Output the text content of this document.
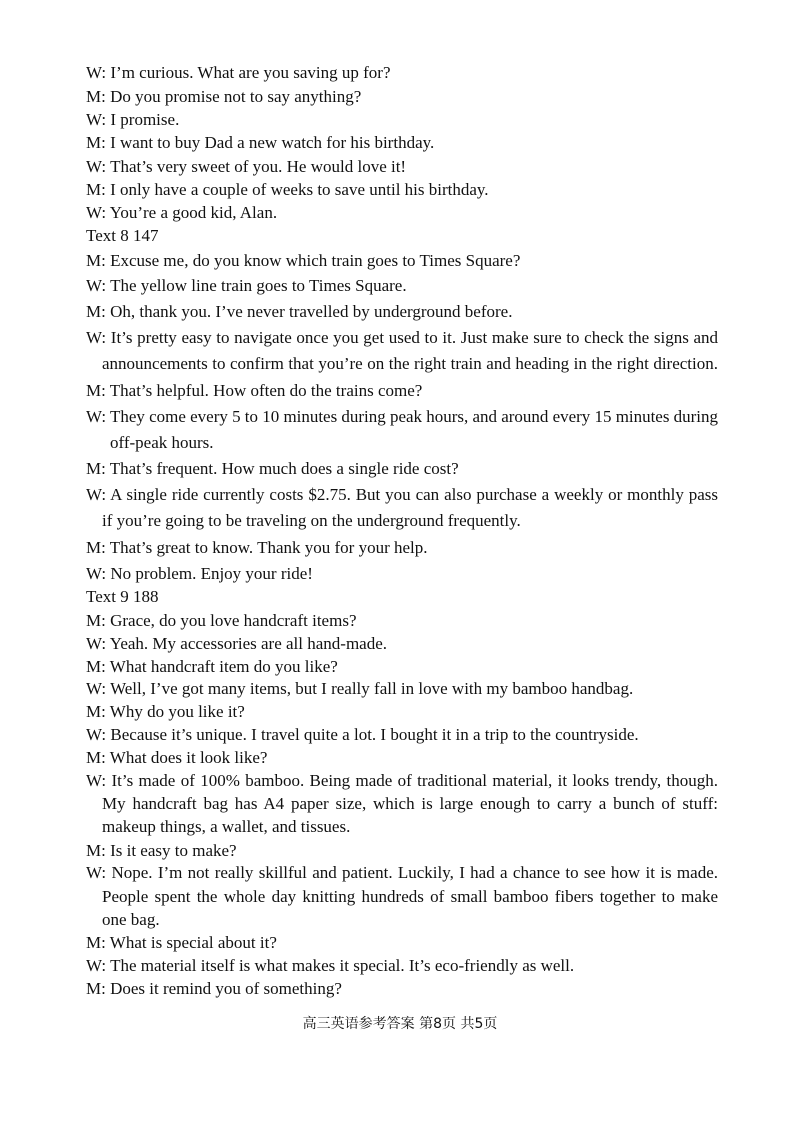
W: I’m curious. What are you saving up for?
M: Do you promise not to say anything?
W: I promise.
M: I want to buy Dad a new watch for his birthday.
W: That’s very sweet of you. He would love it!
M: I only have a couple of weeks to save until his birthday.
W: You’re a good kid, Alan.
Text 8 147
M: Excuse me, do you know which train goes to Times Square?
W: The yellow line train goes to Times Square.
M: Oh, thank you. I’ve never travelled by underground before.
W: It’s pretty easy to navigate once you get used to it. Just make sure to check the signs and
announcements to confirm that you’re on the right train and heading in the right direction.
M: That’s helpful. How often do the trains come?
W: They come every 5 to 10 minutes during peak hours, and around every 15 minutes during
off-peak hours.
M: That’s frequent. How much does a single ride cost?
W: A single ride currently costs $2.75. But you can also purchase a weekly or monthly pass
if you’re going to be traveling on the underground frequently.
M: That’s great to know. Thank you for your help.
W: No problem. Enjoy your ride!
Text 9 188
M: Grace, do you love handcraft items?
W: Yeah. My accessories are all hand-made.
M: What handcraft item do you like?
W: Well, I’ve got many items, but I really fall in love with my bamboo handbag.
M: Why do you like it?
W: Because it’s unique. I travel quite a lot. I bought it in a trip to the countryside.
M: What does it look like?
W: It’s made of 100% bamboo. Being made of traditional material, it looks trendy, though.
My handcraft bag has A4 paper size, which is large enough to carry a bunch of stuff:
makeup things, a wallet, and tissues.
M: Is it easy to make?
W: Nope. I’m not really skillful and patient. Luckily, I had a chance to see how it is made.
People spent the whole day knitting hundreds of small bamboo fibers together to make
one bag.
M: What is special about it?
W: The material itself is what makes it special. It’s eco-friendly as well.
M: Does it remind you of something?
高三英语参考答案 第8页 共5页
